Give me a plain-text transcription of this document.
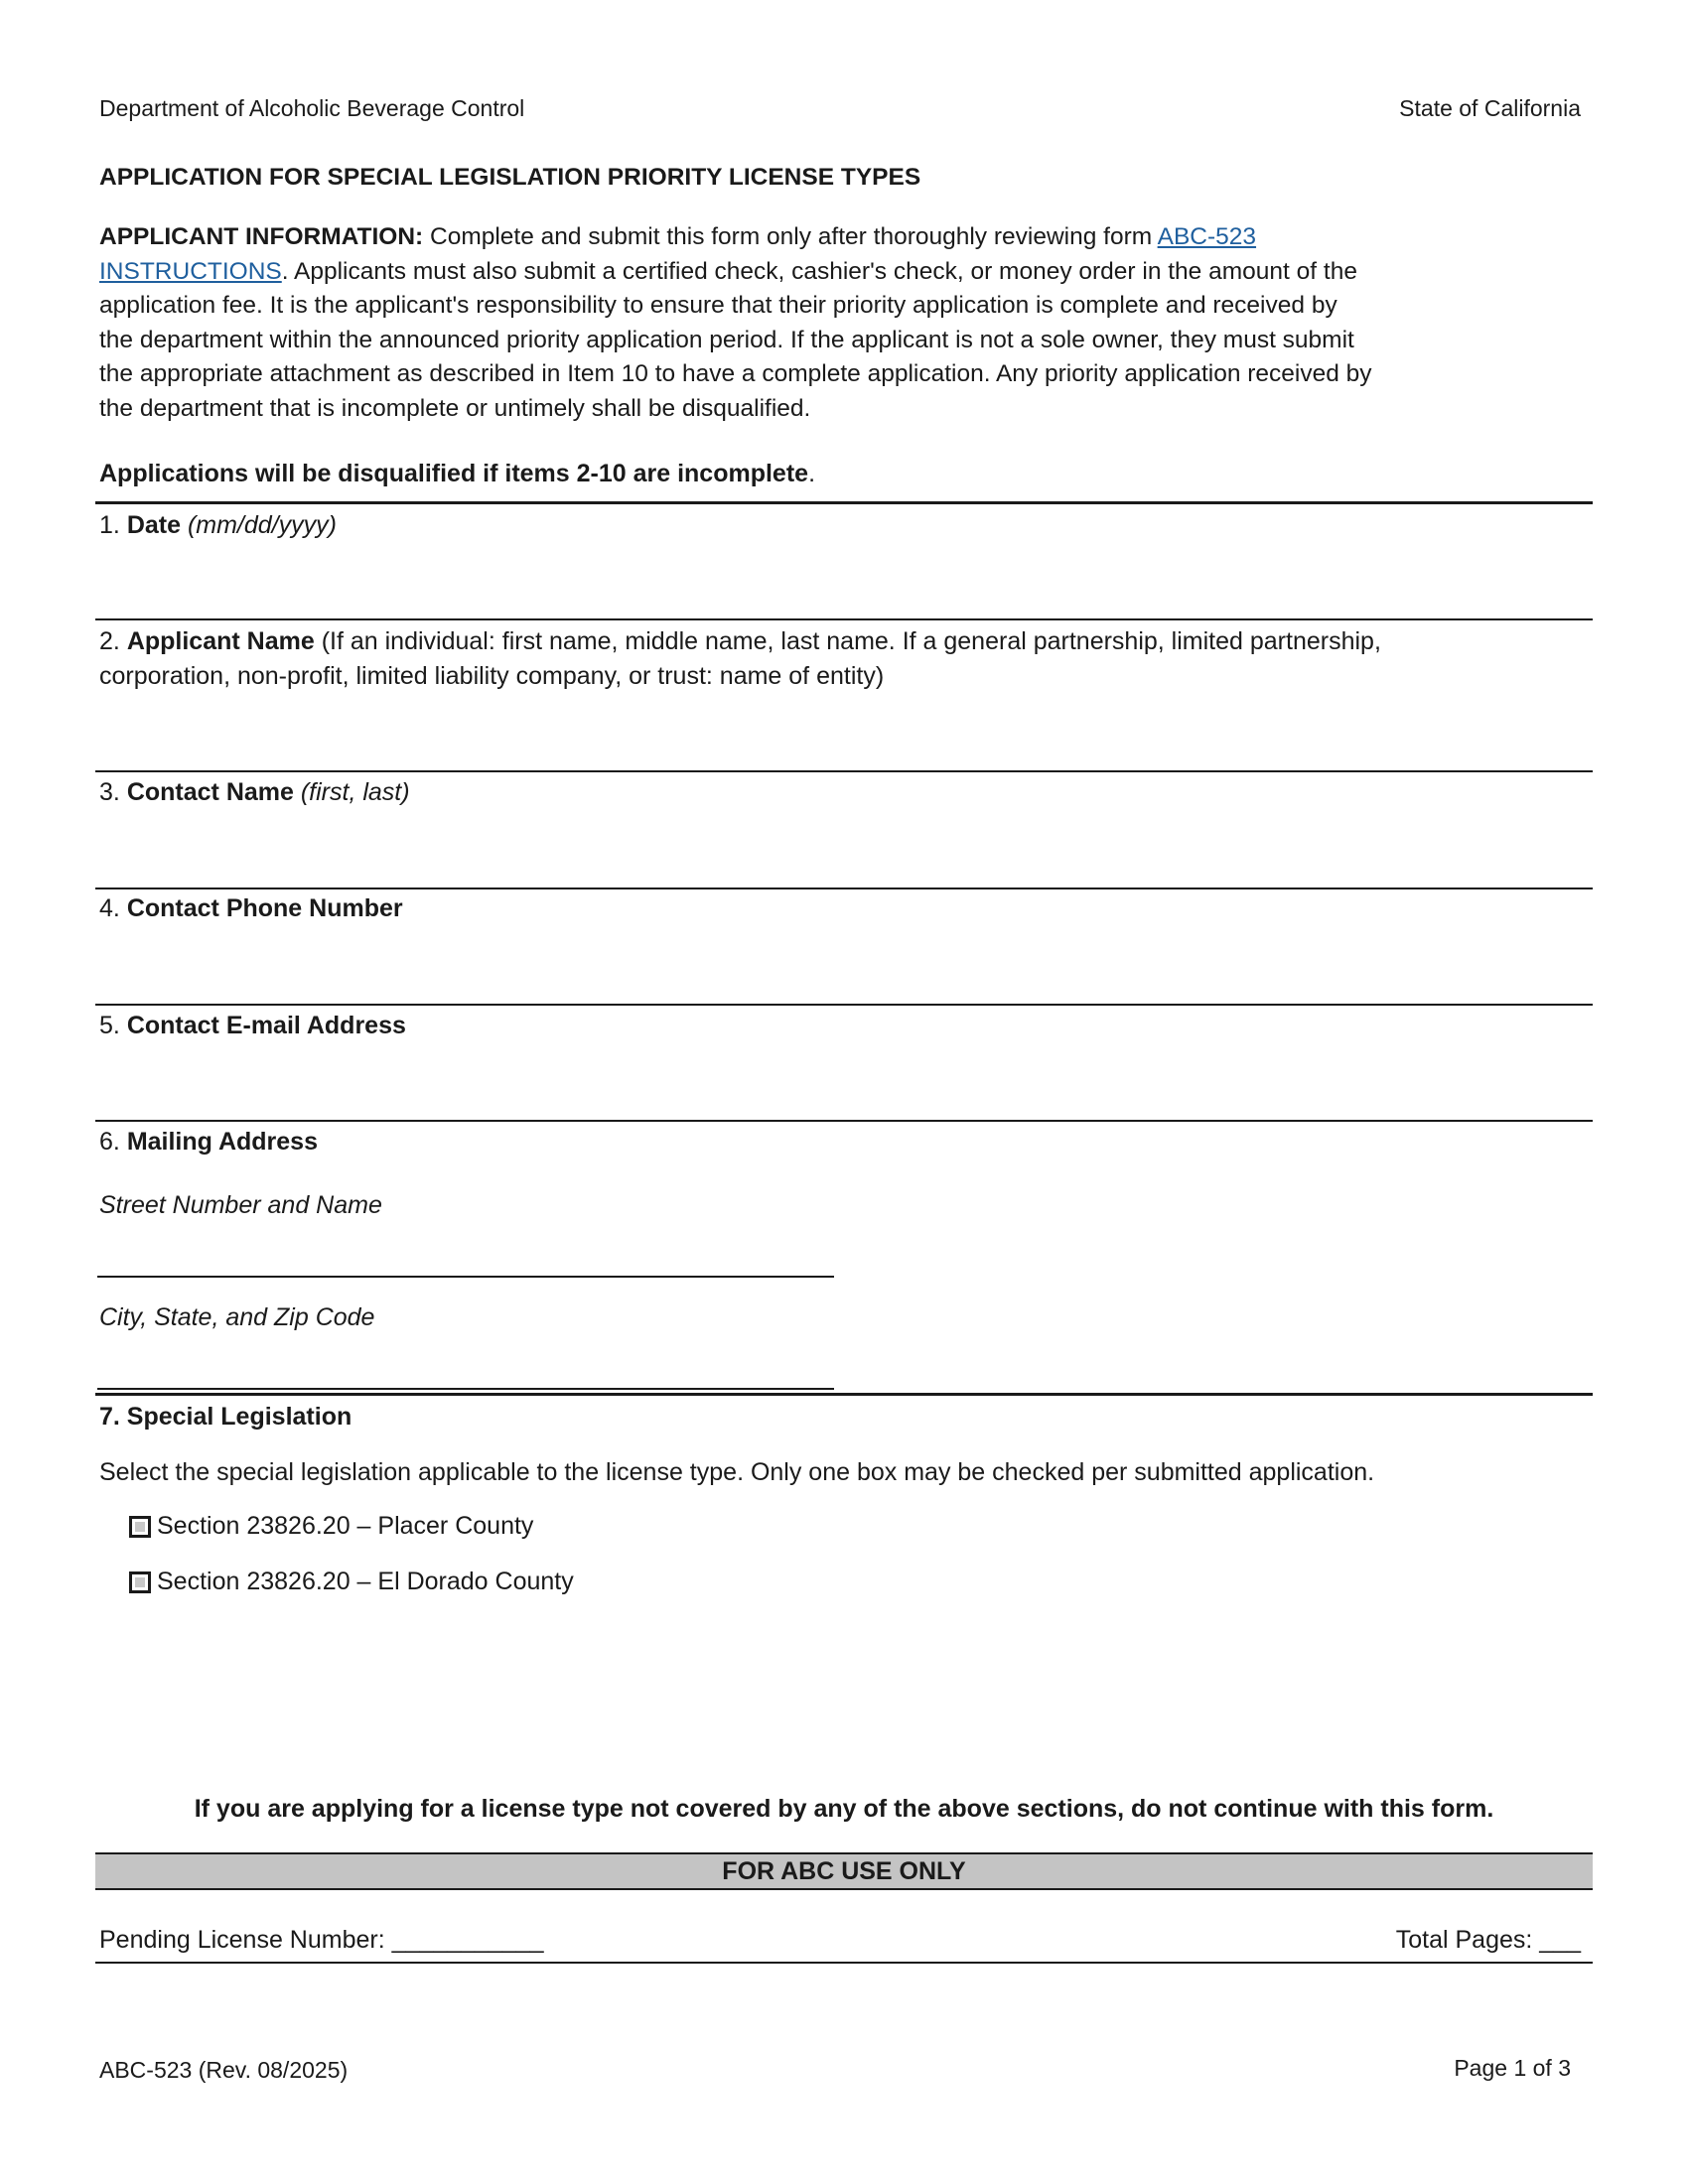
Department of Alcoholic Beverage Control	State of California
APPLICATION FOR SPECIAL LEGISLATION PRIORITY LICENSE TYPES
APPLICANT INFORMATION: Complete and submit this form only after thoroughly reviewing form ABC-523
INSTRUCTIONS. Applicants must also submit a certified check, cashier's check, or money order in the amount of the
application fee. It is the applicant's responsibility to ensure that their priority application is complete and received by
the department within the announced priority application period. If the applicant is not a sole owner, they must submit
the appropriate attachment as described in Item 10 to have a complete application. Any priority application received by
the department that is incomplete or untimely shall be disqualified.
Applications will be disqualified if items 2-10 are incomplete.
1. Date (mm/dd/yyyy)
2. Applicant Name (If an individual: first name, middle name, last name. If a general partnership, limited partnership,
corporation, non-profit, limited liability company, or trust: name of entity)
3. Contact Name (first, last)
4. Contact Phone Number
5. Contact E-mail Address
6. Mailing Address
Street Number and Name
City, State, and Zip Code
7. Special Legislation
Select the special legislation applicable to the license type. Only one box may be checked per submitted application.
Section 23826.20 – Placer County
Section 23826.20 – El Dorado County
If you are applying for a license type not covered by any of the above sections, do not continue with this form.
FOR ABC USE ONLY
Pending License Number: ___________	Total Pages: ___
ABC-523 (Rev. 08/2025)	Page 1 of 3
